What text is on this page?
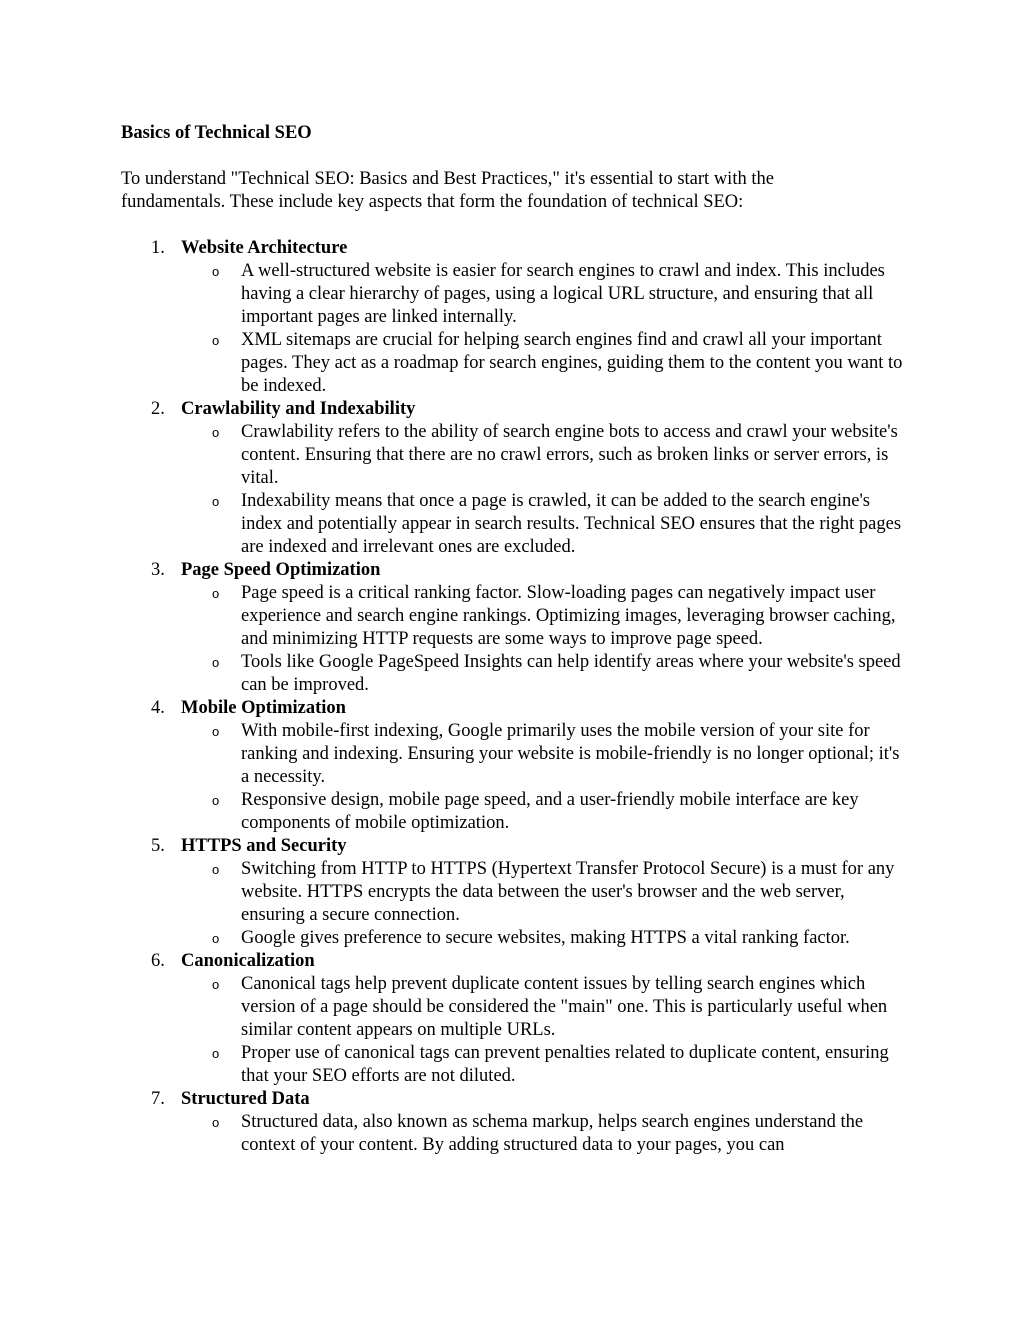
Basics of Technical SEO

To understand "Technical SEO: Basics and Best Practices," it's essential to start with the fundamentals. These include key aspects that form the foundation of technical SEO:

1. Website Architecture
o A well-structured website is easier for search engines to crawl and index. This includes having a clear hierarchy of pages, using a logical URL structure, and ensuring that all important pages are linked internally.
o XML sitemaps are crucial for helping search engines find and crawl all your important pages. They act as a roadmap for search engines, guiding them to the content you want to be indexed.
2. Crawlability and Indexability
o Crawlability refers to the ability of search engine bots to access and crawl your website's content. Ensuring that there are no crawl errors, such as broken links or server errors, is vital.
o Indexability means that once a page is crawled, it can be added to the search engine's index and potentially appear in search results. Technical SEO ensures that the right pages are indexed and irrelevant ones are excluded.
3. Page Speed Optimization
o Page speed is a critical ranking factor. Slow-loading pages can negatively impact user experience and search engine rankings. Optimizing images, leveraging browser caching, and minimizing HTTP requests are some ways to improve page speed.
o Tools like Google PageSpeed Insights can help identify areas where your website's speed can be improved.
4. Mobile Optimization
o With mobile-first indexing, Google primarily uses the mobile version of your site for ranking and indexing. Ensuring your website is mobile-friendly is no longer optional; it's a necessity.
o Responsive design, mobile page speed, and a user-friendly mobile interface are key components of mobile optimization.
5. HTTPS and Security
o Switching from HTTP to HTTPS (Hypertext Transfer Protocol Secure) is a must for any website. HTTPS encrypts the data between the user's browser and the web server, ensuring a secure connection.
o Google gives preference to secure websites, making HTTPS a vital ranking factor.
6. Canonicalization
o Canonical tags help prevent duplicate content issues by telling search engines which version of a page should be considered the "main" one. This is particularly useful when similar content appears on multiple URLs.
o Proper use of canonical tags can prevent penalties related to duplicate content, ensuring that your SEO efforts are not diluted.
7. Structured Data
o Structured data, also known as schema markup, helps search engines understand the context of your content. By adding structured data to your pages, you can
